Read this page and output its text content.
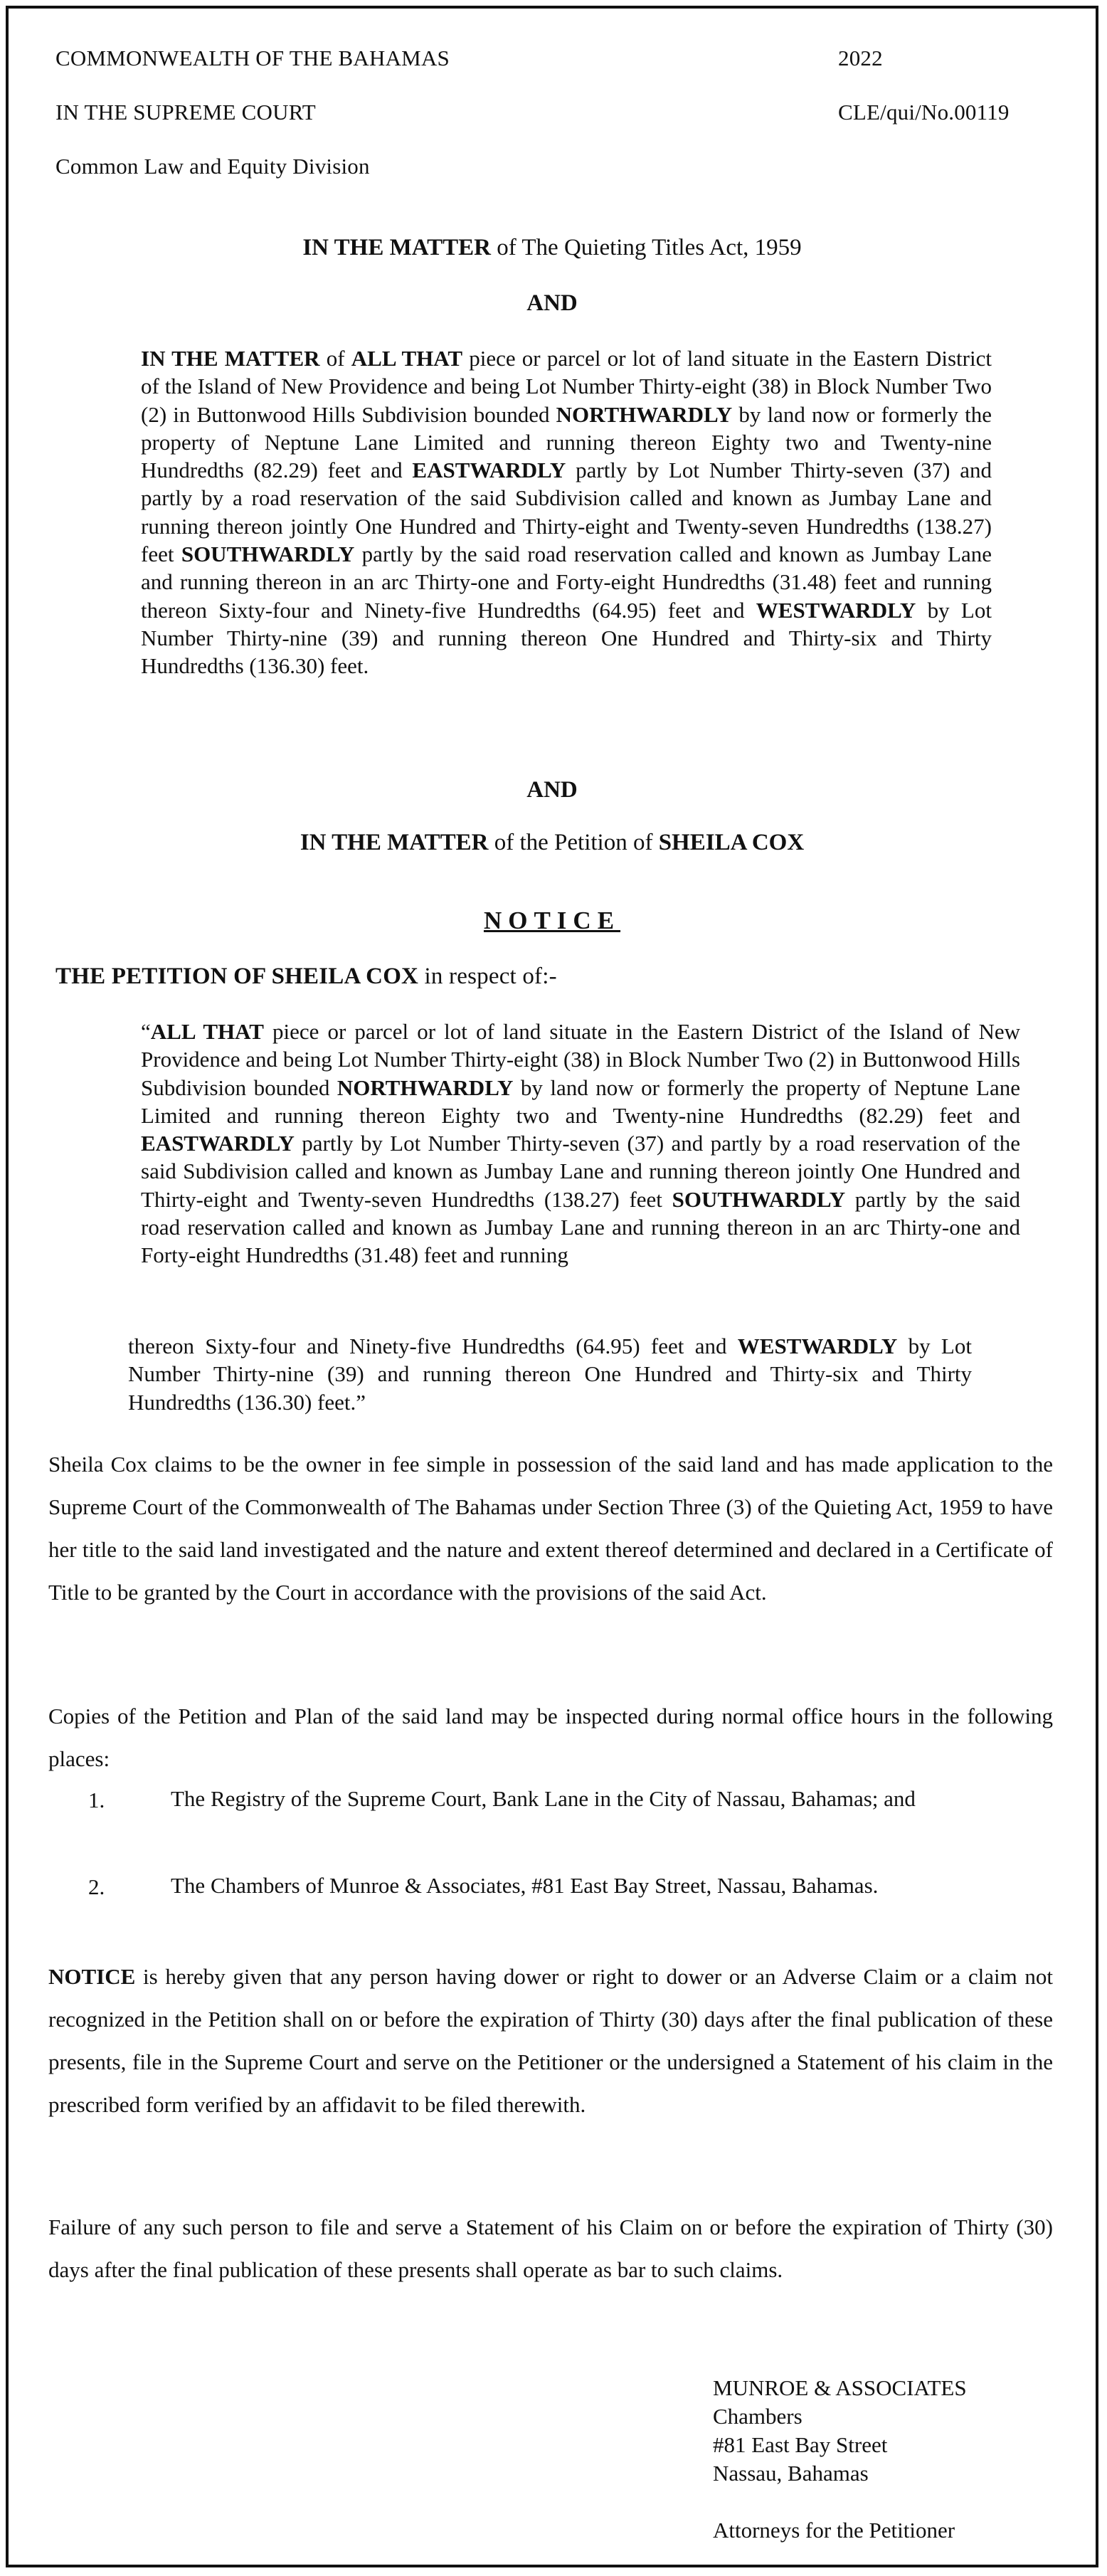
COMMONWEALTH OF THE BAHAMAS	2022
IN THE SUPREME COURT	CLE/qui/No.00119
Common Law and Equity Division
IN THE MATTER of The Quieting Titles Act, 1959
AND
IN THE MATTER of ALL THAT piece or parcel or lot of land situate in the Eastern District of the Island of New Providence and being Lot Number Thirty-eight (38) in Block Number Two (2) in Buttonwood Hills Subdivision bounded NORTHWARDLY by land now or formerly the property of Neptune Lane Limited and running thereon Eighty two and Twenty-nine Hundredths (82.29) feet and EASTWARDLY partly by Lot Number Thirty-seven (37) and partly by a road reservation of the said Subdivision called and known as Jumbay Lane and running thereon jointly One Hundred and Thirty-eight and Twenty-seven Hundredths (138.27) feet SOUTHWARDLY partly by the said road reservation called and known as Jumbay Lane and running thereon in an arc Thirty-one and Forty-eight Hundredths (31.48) feet and running thereon Sixty-four and Ninety-five Hundredths (64.95) feet and WESTWARDLY by Lot Number Thirty-nine (39) and running thereon One Hundred and Thirty-six and Thirty Hundredths (136.30) feet.
AND
IN THE MATTER of the Petition of SHEILA COX
NOTICE
THE PETITION OF SHEILA COX in respect of:-
“ALL THAT piece or parcel or lot of land situate in the Eastern District of the Island of New Providence and being Lot Number Thirty-eight (38) in Block Number Two (2) in Buttonwood Hills Subdivision bounded NORTHWARDLY by land now or formerly the property of Neptune Lane Limited and running thereon Eighty two and Twenty-nine Hundredths (82.29) feet and EASTWARDLY partly by Lot Number Thirty-seven (37) and partly by a road reservation of the said Subdivision called and known as Jumbay Lane and running thereon jointly One Hundred and Thirty-eight and Twenty-seven Hundredths (138.27) feet SOUTHWARDLY partly by the said road reservation called and known as Jumbay Lane and running thereon in an arc Thirty-one and Forty-eight Hundredths (31.48) feet and running
thereon Sixty-four and Ninety-five Hundredths (64.95) feet and WESTWARDLY by Lot Number Thirty-nine (39) and running thereon One Hundred and Thirty-six and Thirty Hundredths (136.30) feet.”
Sheila Cox claims to be the owner in fee simple in possession of the said land and has made application to the Supreme Court of the Commonwealth of The Bahamas under Section Three (3) of the Quieting Act, 1959 to have her title to the said land investigated and the nature and extent thereof determined and declared in a Certificate of Title to be granted by the Court in accordance with the provisions of the said Act.
Copies of the Petition and Plan of the said land may be inspected during normal office hours in the following places:
1.	The Registry of the Supreme Court, Bank Lane in the City of Nassau, Bahamas; and
2.	The Chambers of Munroe & Associates, #81 East Bay Street, Nassau, Bahamas.
NOTICE is hereby given that any person having dower or right to dower or an Adverse Claim or a claim not recognized in the Petition shall on or before the expiration of Thirty (30) days after the final publication of these presents, file in the Supreme Court and serve on the Petitioner or the undersigned a Statement of his claim in the prescribed form verified by an affidavit to be filed therewith.
Failure of any such person to file and serve a Statement of his Claim on or before the expiration of Thirty (30) days after the final publication of these presents shall operate as bar to such claims.
MUNROE & ASSOCIATES
Chambers
#81 East Bay Street
Nassau, Bahamas
Attorneys for the Petitioner
